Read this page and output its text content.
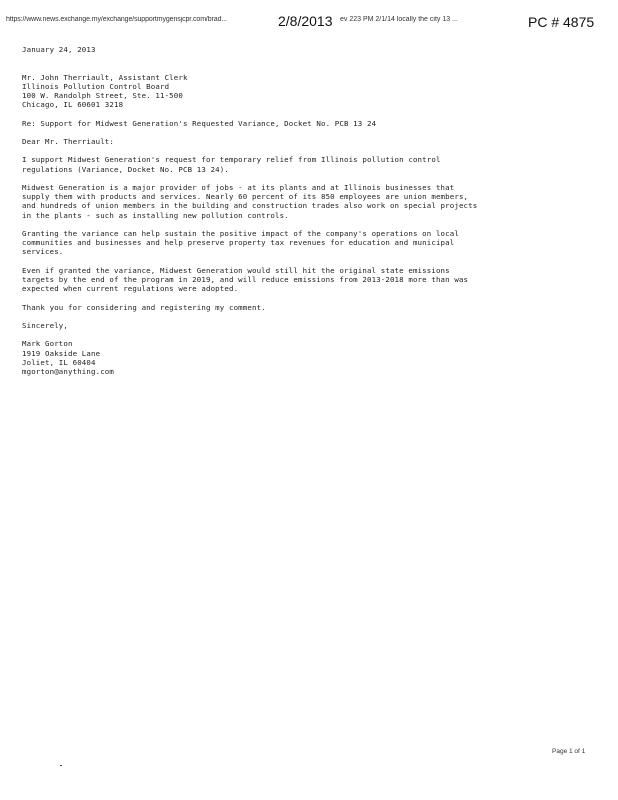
https://www.news.exchange.my/exchange/supportmygensjcpr.com/brad...	2/8/2013 ev 223 PM 2/1/14 locally the city 13 ...	PC # 4875
January 24, 2013
Mr. John Therriault, Assistant Clerk
Illinois Pollution Control Board
100 W. Randolph Street, Ste. 11-500
Chicago, IL 60601 3218
Re: Support for Midwest Generation's Requested Variance, Docket No. PCB 13 24
Dear Mr. Therriault:
I support Midwest Generation's request for temporary relief from Illinois pollution control
regulations (Variance, Docket No. PCB 13 24).
Midwest Generation is a major provider of jobs - at its plants and at Illinois businesses that
supply them with products and services. Nearly 60 percent of its 850 employees are union members,
and hundreds of union members in the building and construction trades also work on special projects
in the plants - such as installing new pollution controls.
Granting the variance can help sustain the positive impact of the company's operations on local
communities and businesses and help preserve property tax revenues for education and municipal
services.
Even if granted the variance, Midwest Generation would still hit the original state emissions
targets by the end of the program in 2019, and will reduce emissions from 2013-2018 more than was
expected when current regulations were adopted.
Thank you for considering and registering my comment.
Sincerely,
Mark Gorton
1919 Oakside Lane
Joliet, IL 60404
mgorton@anything.com
Page 1 of 1
